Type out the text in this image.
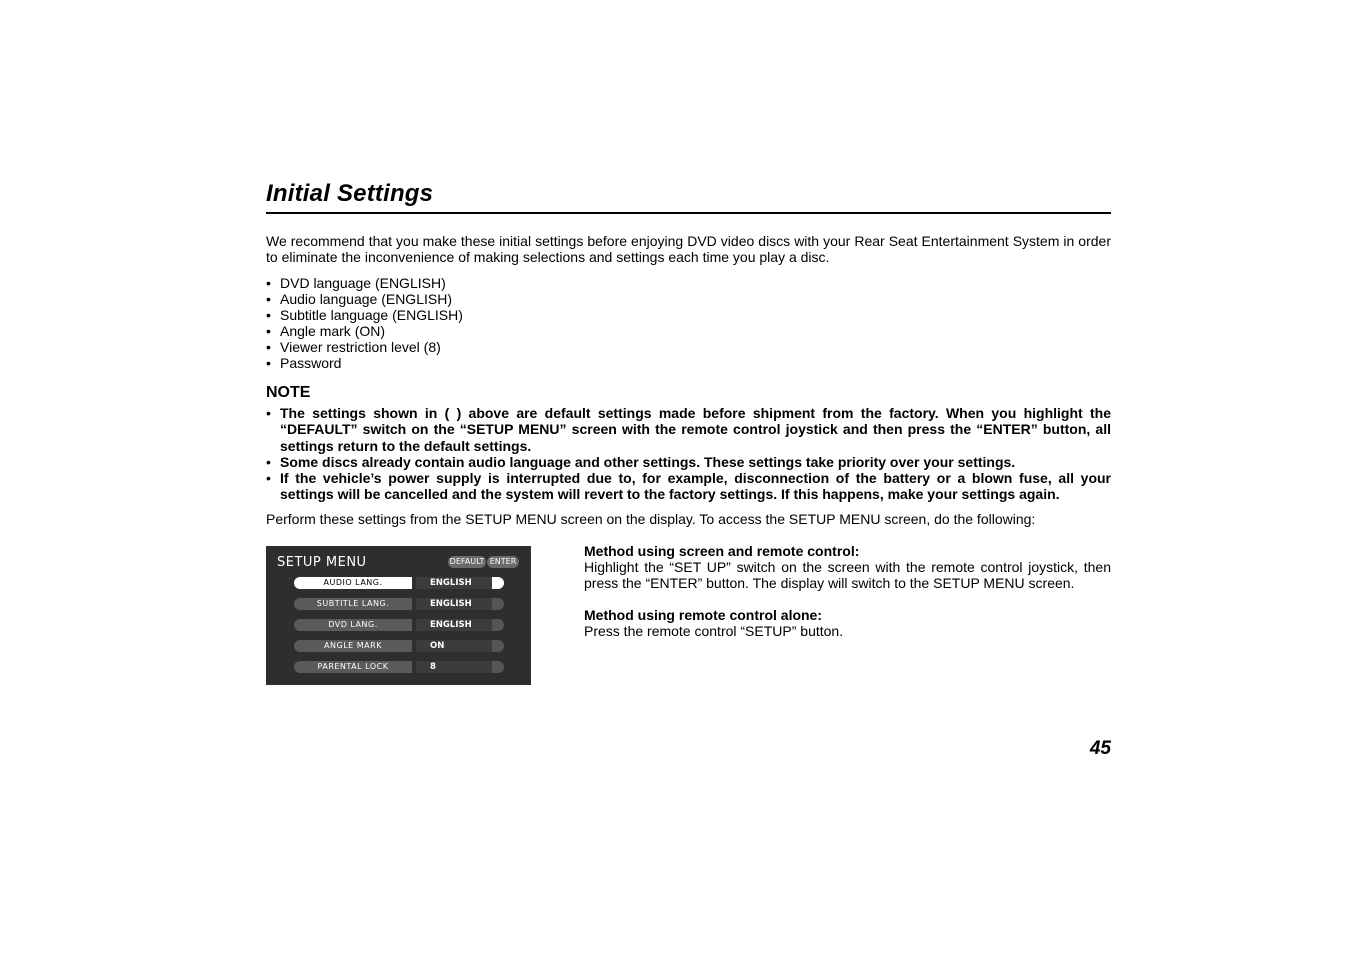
Initial Settings
We recommend that you make these initial settings before enjoying DVD video discs with your Rear Seat Entertainment System in order to eliminate the inconvenience of making selections and settings each time you play a disc.
• DVD language (ENGLISH)
• Audio language (ENGLISH)
• Subtitle language (ENGLISH)
• Angle mark (ON)
• Viewer restriction level (8)
• Password
NOTE
• The settings shown in ( ) above are default settings made before shipment from the factory. When you highlight the “DEFAULT” switch on the “SETUP MENU” screen with the remote control joystick and then press the “ENTER” button, all settings return to the default settings.
• Some discs already contain audio language and other settings. These settings take priority over your settings.
• If the vehicle’s power supply is interrupted due to, for example, disconnection of the battery or a blown fuse, all your settings will be cancelled and the system will revert to the factory settings. If this happens, make your settings again.
Perform these settings from the SETUP MENU screen on the display. To access the SETUP MENU screen, do the following:
SETUP MENU	DEFAULT ENTER
AUDIO LANG.	ENGLISH
SUBTITLE LANG.	ENGLISH
DVD LANG.	ENGLISH
ANGLE MARK	ON
PARENTAL LOCK	8

Method using screen and remote control:

Highlight the “SET UP” switch on the screen with the remote control joystick, then press the “ENTER” button. The display will switch to the SETUP MENU screen.

Method using remote control alone:

Press the remote control “SETUP” button.

45
